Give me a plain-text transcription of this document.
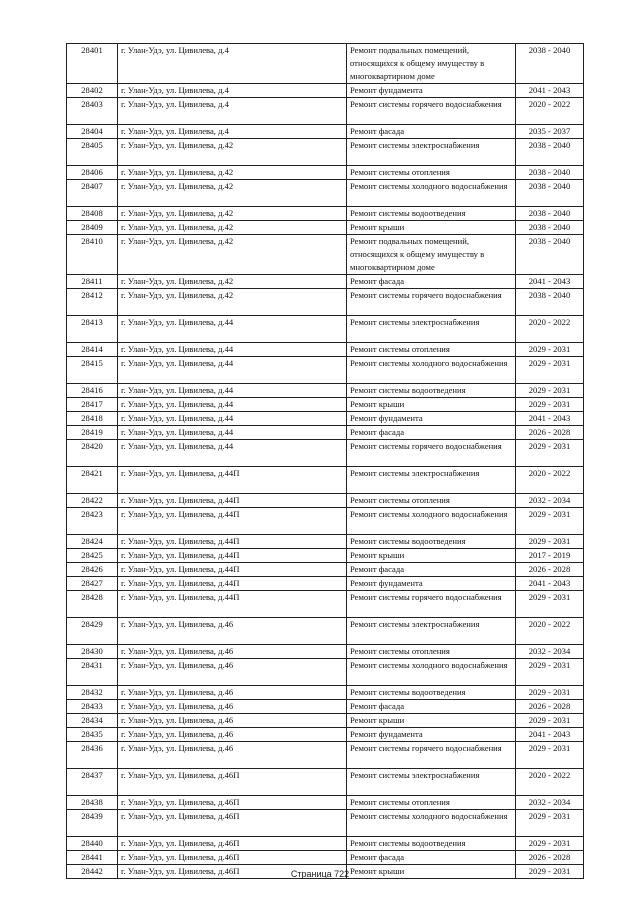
28401	г. Улан-Удэ, ул. Цивилева, д.4	Ремонт подвальных помещений, относящихся к общему имуществу в многоквартирном доме	2038 - 2040
28402	г. Улан-Удэ, ул. Цивилева, д.4	Ремонт фундамента	2041 - 2043
28403	г. Улан-Удэ, ул. Цивилева, д.4	Ремонт системы горячего водоснабжения	2020 - 2022
28404	г. Улан-Удэ, ул. Цивилева, д.4	Ремонт фасада	2035 - 2037
28405	г. Улан-Удэ, ул. Цивилева, д.42	Ремонт системы электроснабжения	2038 - 2040
28406	г. Улан-Удэ, ул. Цивилева, д.42	Ремонт системы отопления	2038 - 2040
28407	г. Улан-Удэ, ул. Цивилева, д.42	Ремонт системы холодного водоснабжения	2038 - 2040
28408	г. Улан-Удэ, ул. Цивилева, д.42	Ремонт системы водоотведения	2038 - 2040
28409	г. Улан-Удэ, ул. Цивилева, д.42	Ремонт крыши	2038 - 2040
28410	г. Улан-Удэ, ул. Цивилева, д.42	Ремонт подвальных помещений, относящихся к общему имуществу в многоквартирном доме	2038 - 2040
28411	г. Улан-Удэ, ул. Цивилева, д.42	Ремонт фасада	2041 - 2043
28412	г. Улан-Удэ, ул. Цивилева, д.42	Ремонт системы горячего водоснабжения	2038 - 2040
28413	г. Улан-Удэ, ул. Цивилева, д.44	Ремонт системы электроснабжения	2020 - 2022
28414	г. Улан-Удэ, ул. Цивилева, д.44	Ремонт системы отопления	2029 - 2031
28415	г. Улан-Удэ, ул. Цивилева, д.44	Ремонт системы холодного водоснабжения	2029 - 2031
28416	г. Улан-Удэ, ул. Цивилева, д.44	Ремонт системы водоотведения	2029 - 2031
28417	г. Улан-Удэ, ул. Цивилева, д.44	Ремонт крыши	2029 - 2031
28418	г. Улан-Удэ, ул. Цивилева, д.44	Ремонт фундамента	2041 - 2043
28419	г. Улан-Удэ, ул. Цивилева, д.44	Ремонт фасада	2026 - 2028
28420	г. Улан-Удэ, ул. Цивилева, д.44	Ремонт системы горячего водоснабжения	2029 - 2031
28421	г. Улан-Удэ, ул. Цивилева, д.44П	Ремонт системы электроснабжения	2020 - 2022
28422	г. Улан-Удэ, ул. Цивилева, д.44П	Ремонт системы отопления	2032 - 2034
28423	г. Улан-Удэ, ул. Цивилева, д.44П	Ремонт системы холодного водоснабжения	2029 - 2031
28424	г. Улан-Удэ, ул. Цивилева, д.44П	Ремонт системы водоотведения	2029 - 2031
28425	г. Улан-Удэ, ул. Цивилева, д.44П	Ремонт крыши	2017 - 2019
28426	г. Улан-Удэ, ул. Цивилева, д.44П	Ремонт фасада	2026 - 2028
28427	г. Улан-Удэ, ул. Цивилева, д.44П	Ремонт фундамента	2041 - 2043
28428	г. Улан-Удэ, ул. Цивилева, д.44П	Ремонт системы горячего водоснабжения	2029 - 2031
28429	г. Улан-Удэ, ул. Цивилева, д.46	Ремонт системы электроснабжения	2020 - 2022
28430	г. Улан-Удэ, ул. Цивилева, д.46	Ремонт системы отопления	2032 - 2034
28431	г. Улан-Удэ, ул. Цивилева, д.46	Ремонт системы холодного водоснабжения	2029 - 2031
28432	г. Улан-Удэ, ул. Цивилева, д.46	Ремонт системы водоотведения	2029 - 2031
28433	г. Улан-Удэ, ул. Цивилева, д.46	Ремонт фасада	2026 - 2028
28434	г. Улан-Удэ, ул. Цивилева, д.46	Ремонт крыши	2029 - 2031
28435	г. Улан-Удэ, ул. Цивилева, д.46	Ремонт фундамента	2041 - 2043
28436	г. Улан-Удэ, ул. Цивилева, д.46	Ремонт системы горячего водоснабжения	2029 - 2031
28437	г. Улан-Удэ, ул. Цивилева, д.46П	Ремонт системы электроснабжения	2020 - 2022
28438	г. Улан-Удэ, ул. Цивилева, д.46П	Ремонт системы отопления	2032 - 2034
28439	г. Улан-Удэ, ул. Цивилева, д.46П	Ремонт системы холодного водоснабжения	2029 - 2031
28440	г. Улан-Удэ, ул. Цивилева, д.46П	Ремонт системы водоотведения	2029 - 2031
28441	г. Улан-Удэ, ул. Цивилева, д.46П	Ремонт фасада	2026 - 2028
28442	г. Улан-Удэ, ул. Цивилева, д.46П	Ремонт крыши	2029 - 2031
Страница 722
